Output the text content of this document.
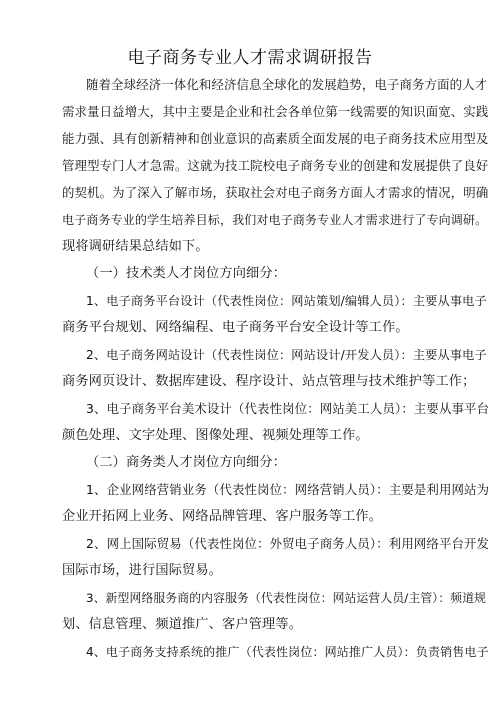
电子商务专业人才需求调研报告
随着全球经济一体化和经济信息全球化的发展趋势，电子商务方面的人才
需求量日益增大，其中主要是企业和社会各单位第一线需要的知识面宽、实践
能力强、具有创新精神和创业意识的高素质全面发展的电子商务技术应用型及
管理型专门人才急需。这就为技工院校电子商务专业的创建和发展提供了良好
的契机。为了深入了解市场，获取社会对电子商务方面人才需求的情况，明确
电子商务专业的学生培养目标，我们对电子商务专业人才需求进行了专向调研。
现将调研结果总结如下。
（一）技术类人才岗位方向细分：
1、电子商务平台设计（代表性岗位：网站策划/编辑人员）：主要从事电子
商务平台规划、网络编程、电子商务平台安全设计等工作。
2、电子商务网站设计（代表性岗位：网站设计/开发人员）：主要从事电子
商务网页设计、数据库建设、程序设计、站点管理与技术维护等工作；
3、电子商务平台美术设计（代表性岗位：网站美工人员）：主要从事平台
颜色处理、文字处理、图像处理、视频处理等工作。
（二）商务类人才岗位方向细分：
1、企业网络营销业务（代表性岗位：网络营销人员）：主要是利用网站为
企业开拓网上业务、网络品牌管理、客户服务等工作。
2、网上国际贸易（代表性岗位：外贸电子商务人员）：利用网络平台开发
国际市场，进行国际贸易。
3、新型网络服务商的内容服务（代表性岗位：网站运营人员/主管）：频道规
划、信息管理、频道推广、客户管理等。
4、电子商务支持系统的推广（代表性岗位：网站推广人员）：负责销售电子
